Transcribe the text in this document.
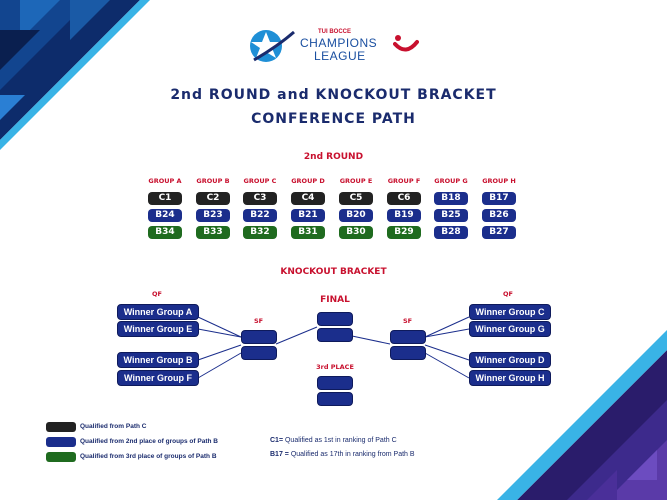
TUI BOCCE
CHAMPIONS
LEAGUE
2nd ROUND and KNOCKOUT BRACKET
CONFERENCE PATH
2nd ROUND
GROUP A
C1
B24
B34
GROUP B
C2
B23
B33
GROUP C
C3
B22
B32
GROUP D
C4
B21
B31
GROUP E
C5
B20
B30
GROUP F
C6
B19
B29
GROUP G
B18
B25
B28
GROUP H
B17
B26
B27
KNOCKOUT BRACKET
QF	QF
SF	SF
FINAL
3rd PLACE
Winner Group A
Winner Group E
Winner Group B
Winner Group F
Winner Group C
Winner Group G
Winner Group D
Winner Group H
Qualified from Path C
Qualified from 2nd place of groups of Path B
Qualified from 3rd place of groups of Path B
C1= Qualified as 1st in ranking of Path C
B17 = Qualified as 17th in ranking from Path B
